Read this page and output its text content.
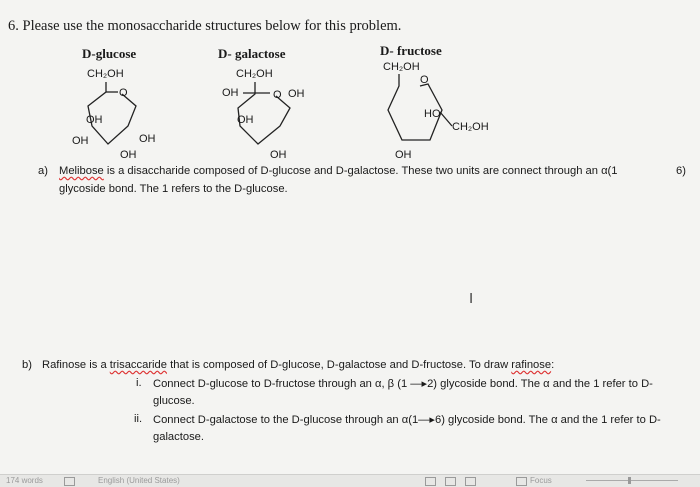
6. Please use the monosaccharide structures below for this problem.
D-glucose	D- galactose	D- fructose
CH₂OH
O
OH
OH	OH
OH
CH₂OH
OH	O OH
OH
OH
CH₂OH
O
HO
CH₂OH
OH
a) Melibose is a disaccharide composed of D-glucose and D-galactose. These two units are connect through an α(1	6)
glycoside bond. The 1 refers to the D-glucose.
I
b) Rafinose is a trisaccaride that is composed of D-glucose, D-galactose and D-fructose. To draw rafinose:
i. Connect D-glucose to D-fructose through an α, β (1 —▸2) glycoside bond. The α and the 1 refer to D-
glucose.
ii. Connect D-galactose to the D-glucose through an α(1—▸6) glycoside bond. The α and the 1 refer to D-
galactose.
174 words	English (United States)	Focus
